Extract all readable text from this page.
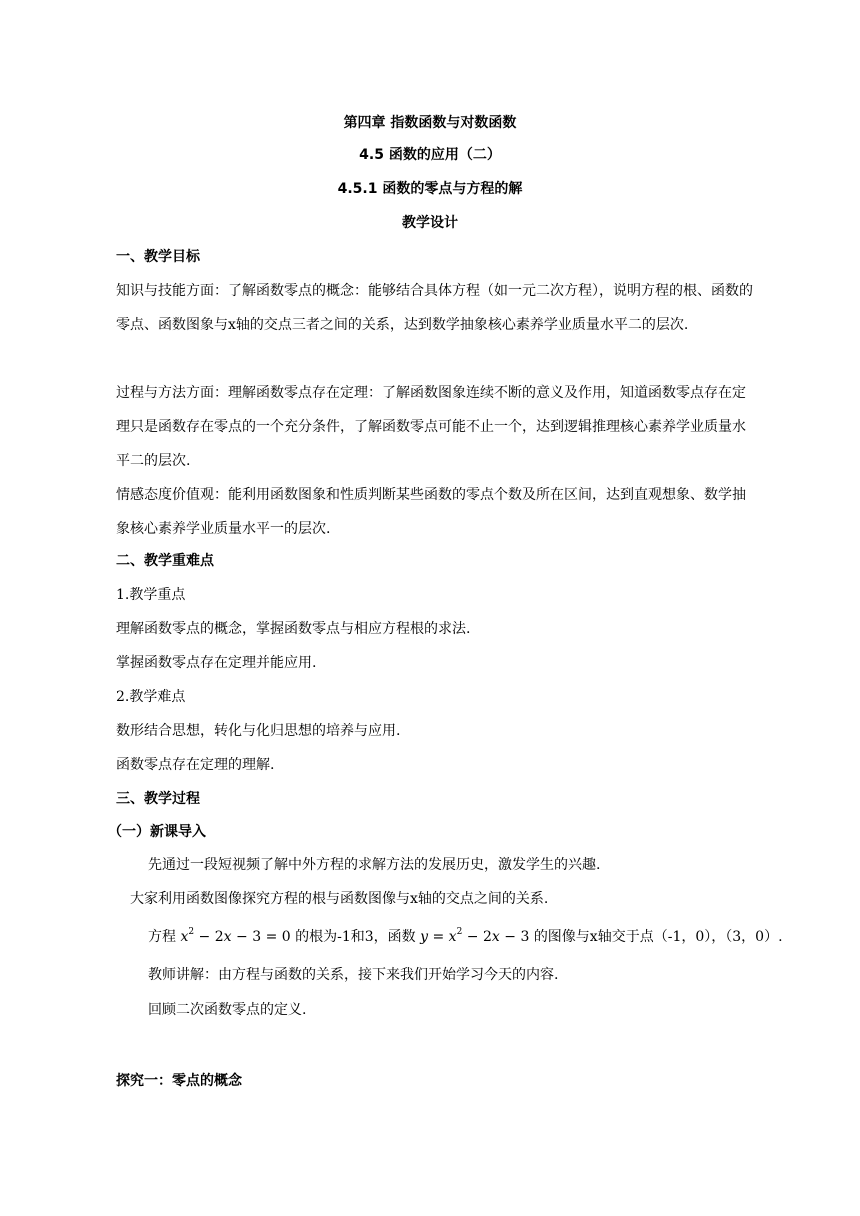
第四章 指数函数与对数函数
4.5 函数的应用（二）
4.5.1 函数的零点与方程的解
教学设计
一、教学目标
知识与技能方面：了解函数零点的概念：能够结合具体方程（如一元二次方程），说明方程的根、函数的零点、函数图象与x轴的交点三者之间的关系，达到数学抽象核心素养学业质量水平二的层次.
过程与方法方面：理解函数零点存在定理：了解函数图象连续不断的意义及作用，知道函数零点存在定理只是函数存在零点的一个充分条件，了解函数零点可能不止一个，达到逻辑推理核心素养学业质量水平二的层次.
情感态度价值观：能利用函数图象和性质判断某些函数的零点个数及所在区间，达到直观想象、数学抽象核心素养学业质量水平一的层次.
二、教学重难点
1.教学重点
理解函数零点的概念，掌握函数零点与相应方程根的求法.
掌握函数零点存在定理并能应用.
2.教学难点
数形结合思想，转化与化归思想的培养与应用.
函数零点存在定理的理解.
三、教学过程
（一）新课导入
先通过一段短视频了解中外方程的求解方法的发展历史，激发学生的兴趣.
大家利用函数图像探究方程的根与函数图像与x轴的交点之间的关系.
方程 $x^2 - 2x - 3 = 0$ 的根为-1和3，函数 $y = x^2 - 2x - 3$ 的图像与x轴交于点（-1，0），（3，0）.
教师讲解：由方程与函数的关系，接下来我们开始学习今天的内容.
回顾二次函数零点的定义.
探究一：零点的概念
